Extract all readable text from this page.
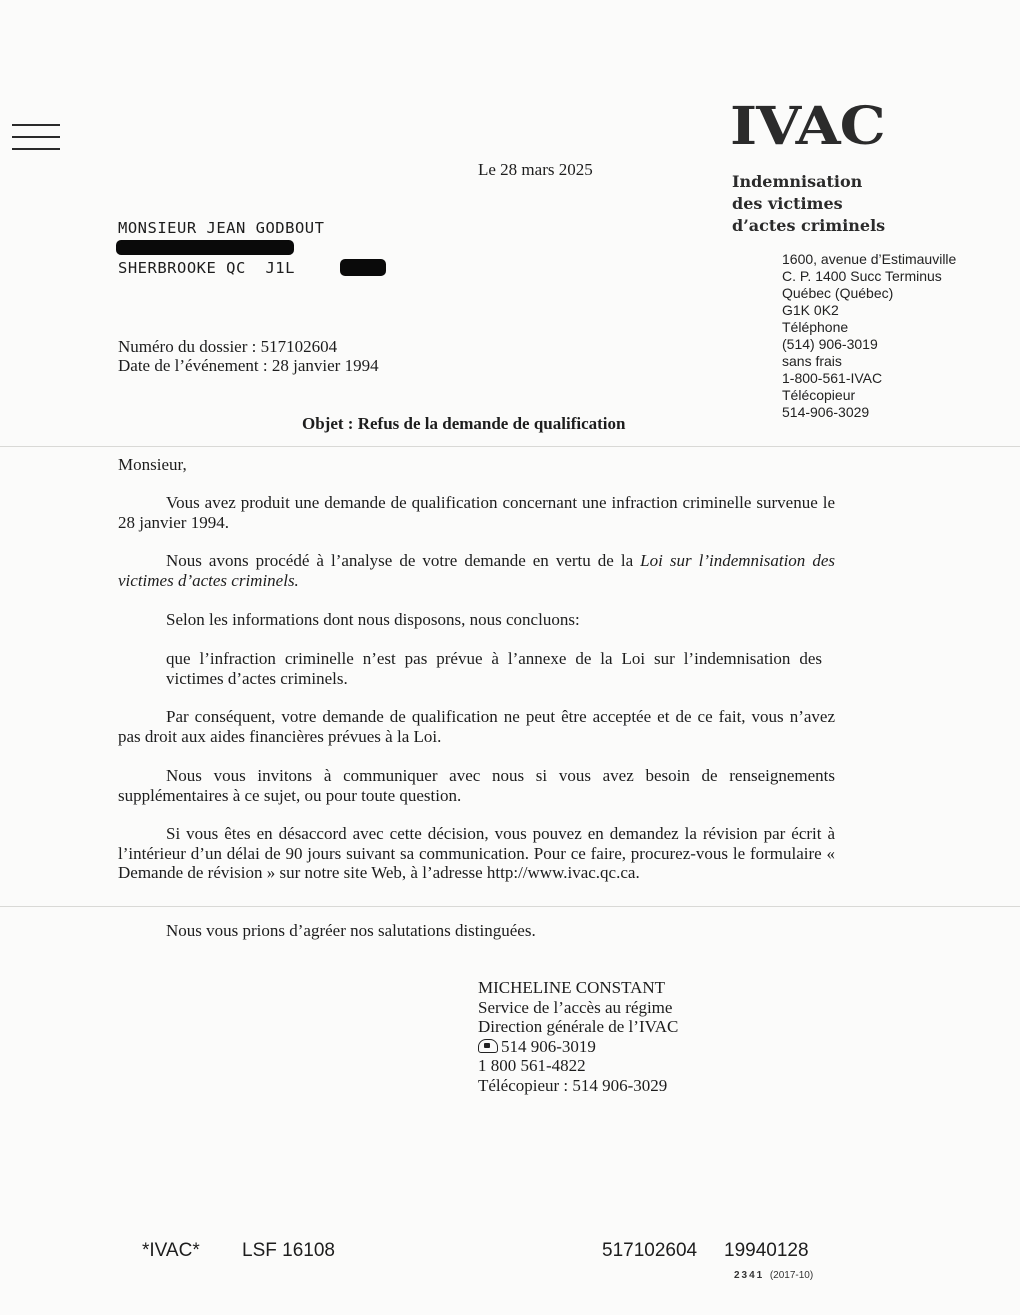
IVAC
Indemnisation
des victimes
d’actes criminels
1600, avenue d’Estimauville
C. P. 1400 Succ Terminus
Québec (Québec)
G1K 0K2
Téléphone
(514) 906-3019
sans frais
1-800-561-IVAC
Télécopieur
514-906-3029
Le 28 mars 2025
MONSIEUR JEAN GODBOUT
SHERBROOKE QC  J1L
Numéro du dossier : 517102604
Date de l’événement : 28 janvier 1994
Objet : Refus de la demande de qualification
Monsieur,
Vous avez produit une demande de qualification concernant une infraction criminelle survenue le 28 janvier 1994.
Nous avons procédé à l’analyse de votre demande en vertu de la Loi sur l’indemnisation des victimes d’actes criminels.
Selon les informations dont nous disposons, nous concluons:
que l’infraction criminelle n’est pas prévue à l’annexe de la Loi sur l’indemnisation des victimes d’actes criminels.
Par conséquent, votre demande de qualification ne peut être acceptée et de ce fait, vous n’avez pas droit aux aides financières prévues à la Loi.
Nous vous invitons à communiquer avec nous si vous avez besoin de renseignements supplémentaires à ce sujet, ou pour toute question.
Si vous êtes en désaccord avec cette décision, vous pouvez en demandez la révision par écrit à l’intérieur d’un délai de 90 jours suivant sa communication. Pour ce faire, procurez-vous le formulaire « Demande de révision » sur notre site Web, à l’adresse http://www.ivac.qc.ca.
Nous vous prions d’agréer nos salutations distinguées.
MICHELINE CONSTANT
Service de l’accès au régime
Direction générale de l’IVAC
514 906-3019
1 800 561-4822
Télécopieur : 514 906-3029
*IVAC* LSF 16108	517102604 19940128
2341 (2017-10)
